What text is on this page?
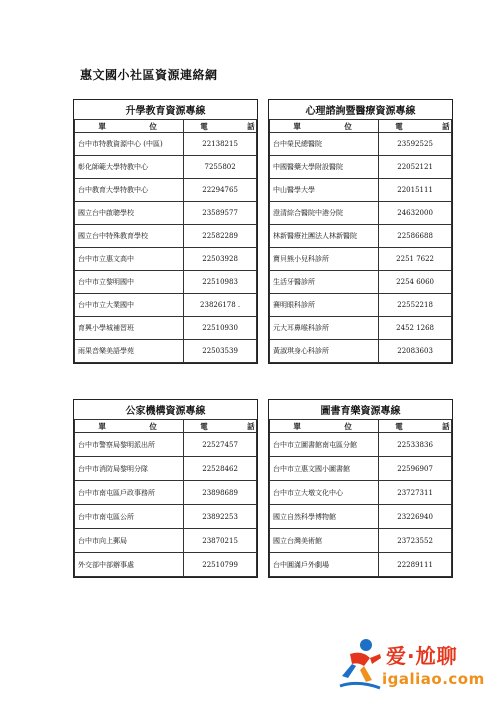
惠文國小社區資源連絡網
升學教育資源專線	
單　位	電　話
台中市特教資源中心 (中區)	22138215
彰化師範大學特教中心	7255802
台中教育大學特教中心	22294765
國立台中啟聰學校	23589577
國立台中特殊教育學校	22582289
台中市立惠文高中	22503928
台中市立黎明國中	22510983
台中市立大業國中	23826178 .
育興小學城補習班	22510930
雨果音樂美語學苑	22503539
心理諮詢暨醫療資源專線	
單　位	電　話
台中榮民總醫院	23592525
中國醫藥大學附設醫院	22052121
中山醫學大學	22015111
澄清綜合醫院中港分院	24632000
林新醫療社團法人林新醫院	22586688
寶貝熊小兒科診所	2251 7622
生活牙醫診所	2254 6060
賽明眼科診所	22552218
元大耳鼻喉科診所	2452 1268
黃淑琪身心科診所	22083603
公家機構資源專線	
單　位	電　話
台中市警察局黎明派出所	22527457
台中市消防局黎明分隊	22528462
台中市南屯區戶政事務所	23898689
台中市南屯區公所	23892253
台中市向上郵局	23870215
外交部中部辦事處	22510799
圖書育樂資源專線	
單　位	電　話
台中市立圖書館南屯區分館	22533836
台中市立惠文國小圖書館	22596907
台中市立大墩文化中心	23727311
國立自然科學博物館	23226940
國立台灣美術館	23723552
台中圓滿戶外劇場	22289111
爱·尬聊
igaliao.com
